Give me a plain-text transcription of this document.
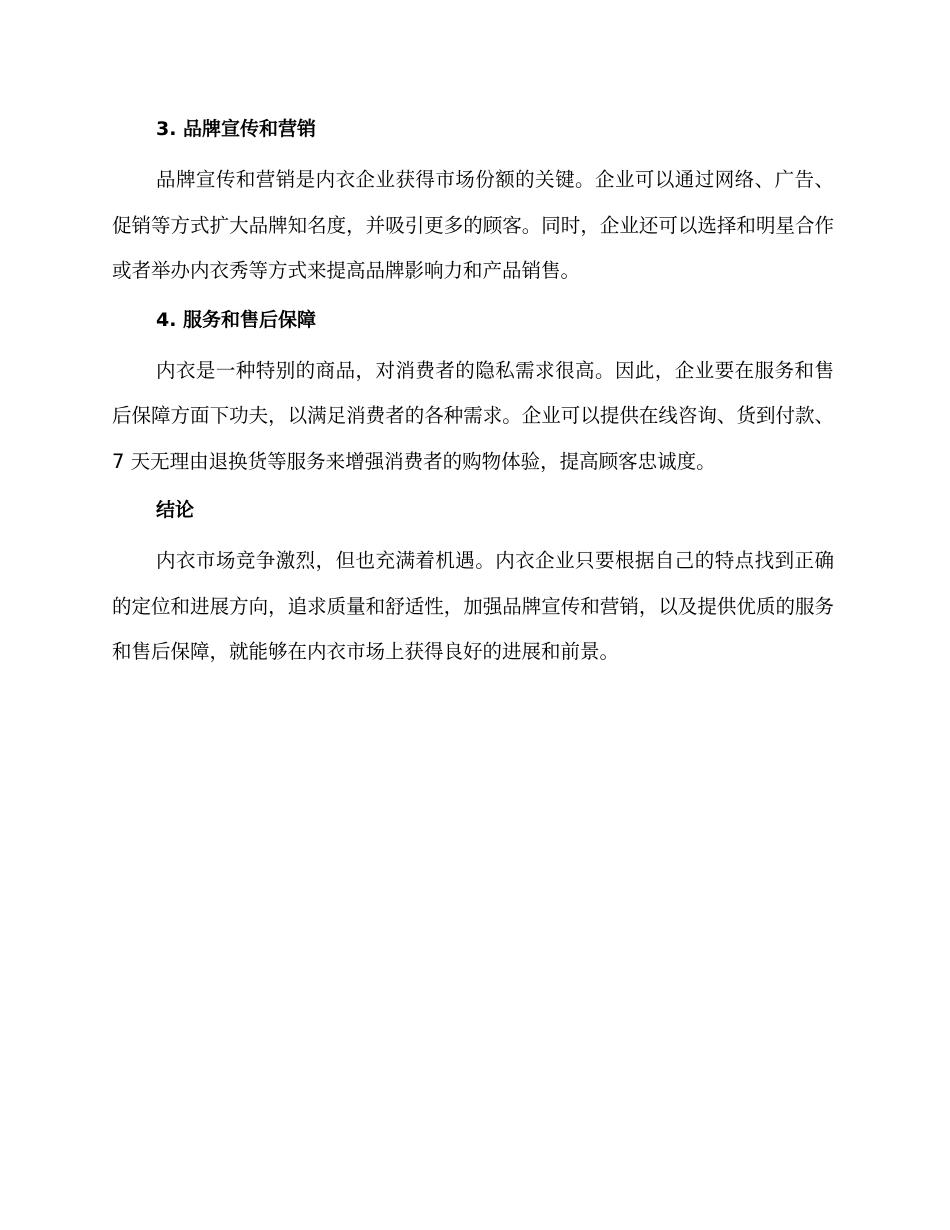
3. 品牌宣传和营销

品牌宣传和营销是内衣企业获得市场份额的关键。企业可以通过网络、广告、促销等方式扩大品牌知名度，并吸引更多的顾客。同时，企业还可以选择和明星合作或者举办内衣秀等方式来提高品牌影响力和产品销售。

4. 服务和售后保障

内衣是一种特别的商品，对消费者的隐私需求很高。因此，企业要在服务和售后保障方面下功夫，以满足消费者的各种需求。企业可以提供在线咨询、货到付款、7 天无理由退换货等服务来增强消费者的购物体验，提高顾客忠诚度。

结论

内衣市场竞争激烈，但也充满着机遇。内衣企业只要根据自己的特点找到正确的定位和进展方向，追求质量和舒适性，加强品牌宣传和营销，以及提供优质的服务和售后保障，就能够在内衣市场上获得良好的进展和前景。
